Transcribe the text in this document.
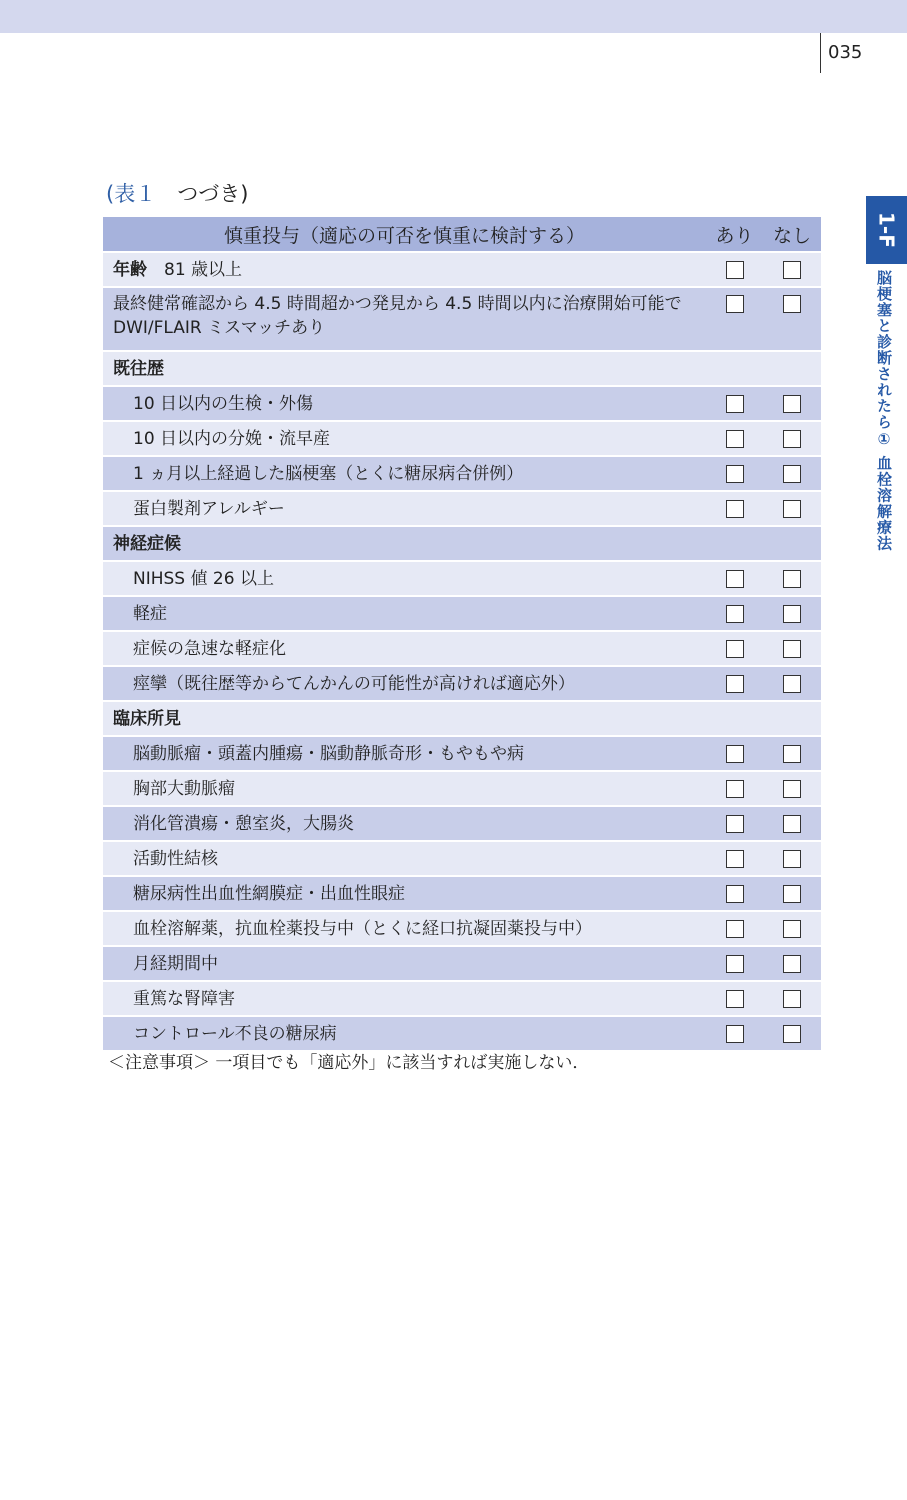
035
1-F
脳梗塞と診断されたら① 血栓溶解療法
(表１　 つづき)
慎重投与（適応の可否を慎重に検討する）	あり	なし
年齢　81 歳以上		
最終健常確認から 4.5 時間超かつ発見から 4.5 時間以内に治療開始可能で DWI/FLAIR ミスマッチあり		
既往歴		
10 日以内の生検・外傷		
10 日以内の分娩・流早産		
1 ヵ月以上経過した脳梗塞（とくに糖尿病合併例）		
蛋白製剤アレルギー		
神経症候		
NIHSS 値 26 以上		
軽症		
症候の急速な軽症化		
痙攣（既往歴等からてんかんの可能性が高ければ適応外）		
臨床所見		
脳動脈瘤・頭蓋内腫瘍・脳動静脈奇形・もやもや病		
胸部大動脈瘤		
消化管潰瘍・憩室炎，大腸炎		
活動性結核		
糖尿病性出血性網膜症・出血性眼症		
血栓溶解薬，抗血栓薬投与中（とくに経口抗凝固薬投与中）		
月経期間中		
重篤な腎障害		
コントロール不良の糖尿病		
＜注意事項＞ 一項目でも「適応外」に該当すれば実施しない．
